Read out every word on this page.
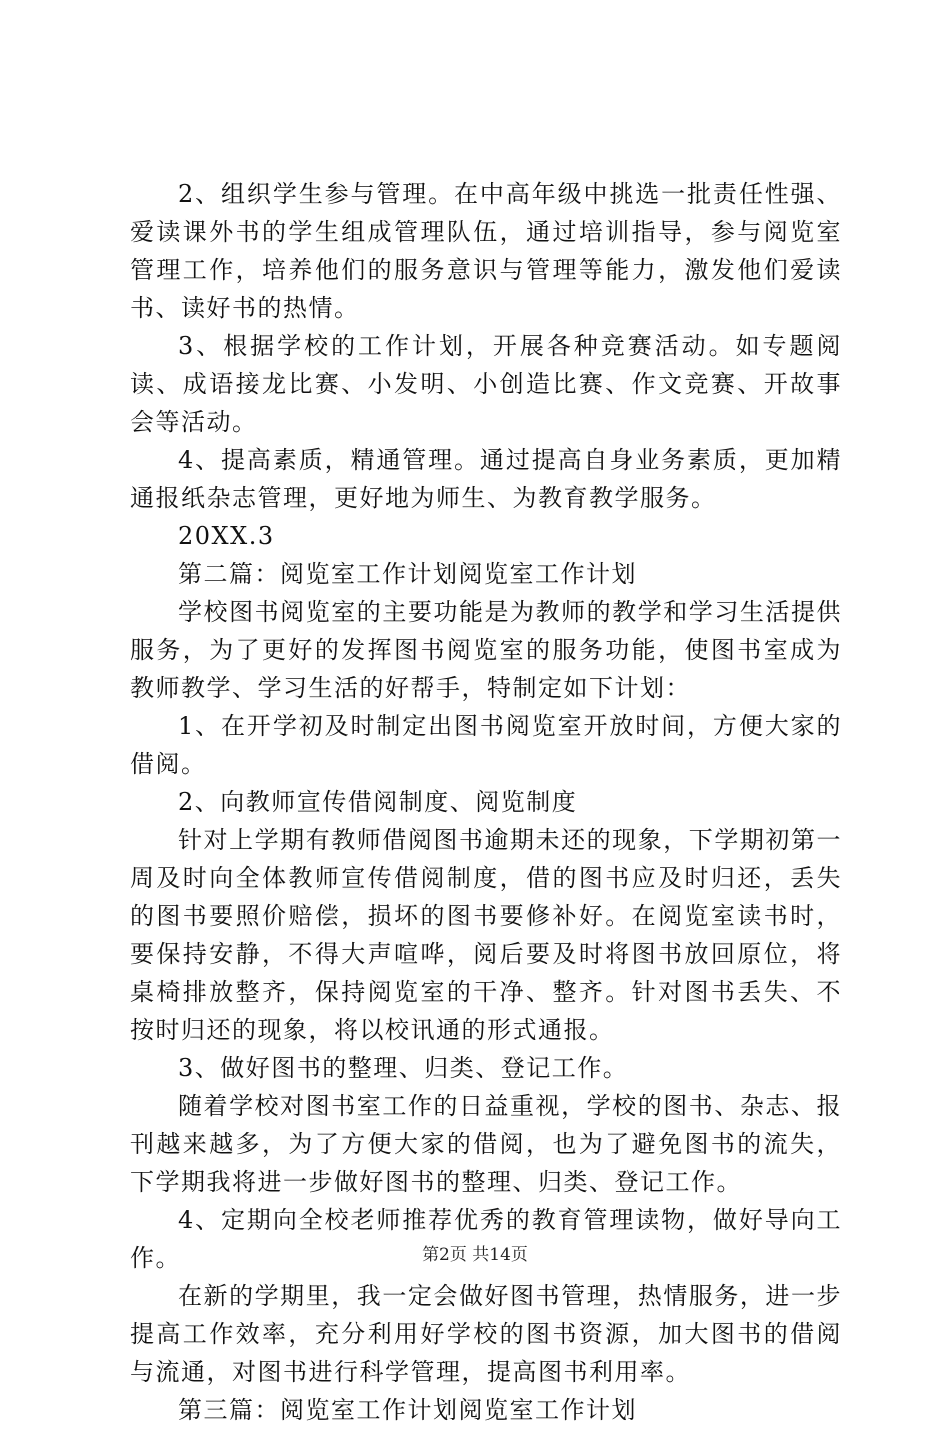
2、组织学生参与管理。在中高年级中挑选一批责任性强、爱读课外书的学生组成管理队伍，通过培训指导，参与阅览室管理工作，培养他们的服务意识与管理等能力，激发他们爱读书、读好书的热情。

3、根据学校的工作计划，开展各种竞赛活动。如专题阅读、成语接龙比赛、小发明、小创造比赛、作文竞赛、开故事会等活动。

4、提高素质，精通管理。通过提高自身业务素质，更加精通报纸杂志管理，更好地为师生、为教育教学服务。

20XX.3

第二篇：阅览室工作计划阅览室工作计划

学校图书阅览室的主要功能是为教师的教学和学习生活提供服务，为了更好的发挥图书阅览室的服务功能，使图书室成为教师教学、学习生活的好帮手，特制定如下计划：

1、在开学初及时制定出图书阅览室开放时间，方便大家的借阅。

2、向教师宣传借阅制度、阅览制度

针对上学期有教师借阅图书逾期未还的现象，下学期初第一周及时向全体教师宣传借阅制度，借的图书应及时归还，丢失的图书要照价赔偿，损坏的图书要修补好。在阅览室读书时，要保持安静，不得大声喧哗，阅后要及时将图书放回原位，将桌椅排放整齐，保持阅览室的干净、整齐。针对图书丢失、不按时归还的现象，将以校讯通的形式通报。

3、做好图书的整理、归类、登记工作。

随着学校对图书室工作的日益重视，学校的图书、杂志、报刊越来越多，为了方便大家的借阅，也为了避免图书的流失，下学期我将进一步做好图书的整理、归类、登记工作。

4、定期向全校老师推荐优秀的教育管理读物，做好导向工作。

在新的学期里，我一定会做好图书管理，热情服务，进一步提高工作效率，充分利用好学校的图书资源，加大图书的借阅与流通，对图书进行科学管理，提高图书利用率。

第三篇：阅览室工作计划阅览室工作计划

第2页 共14页
